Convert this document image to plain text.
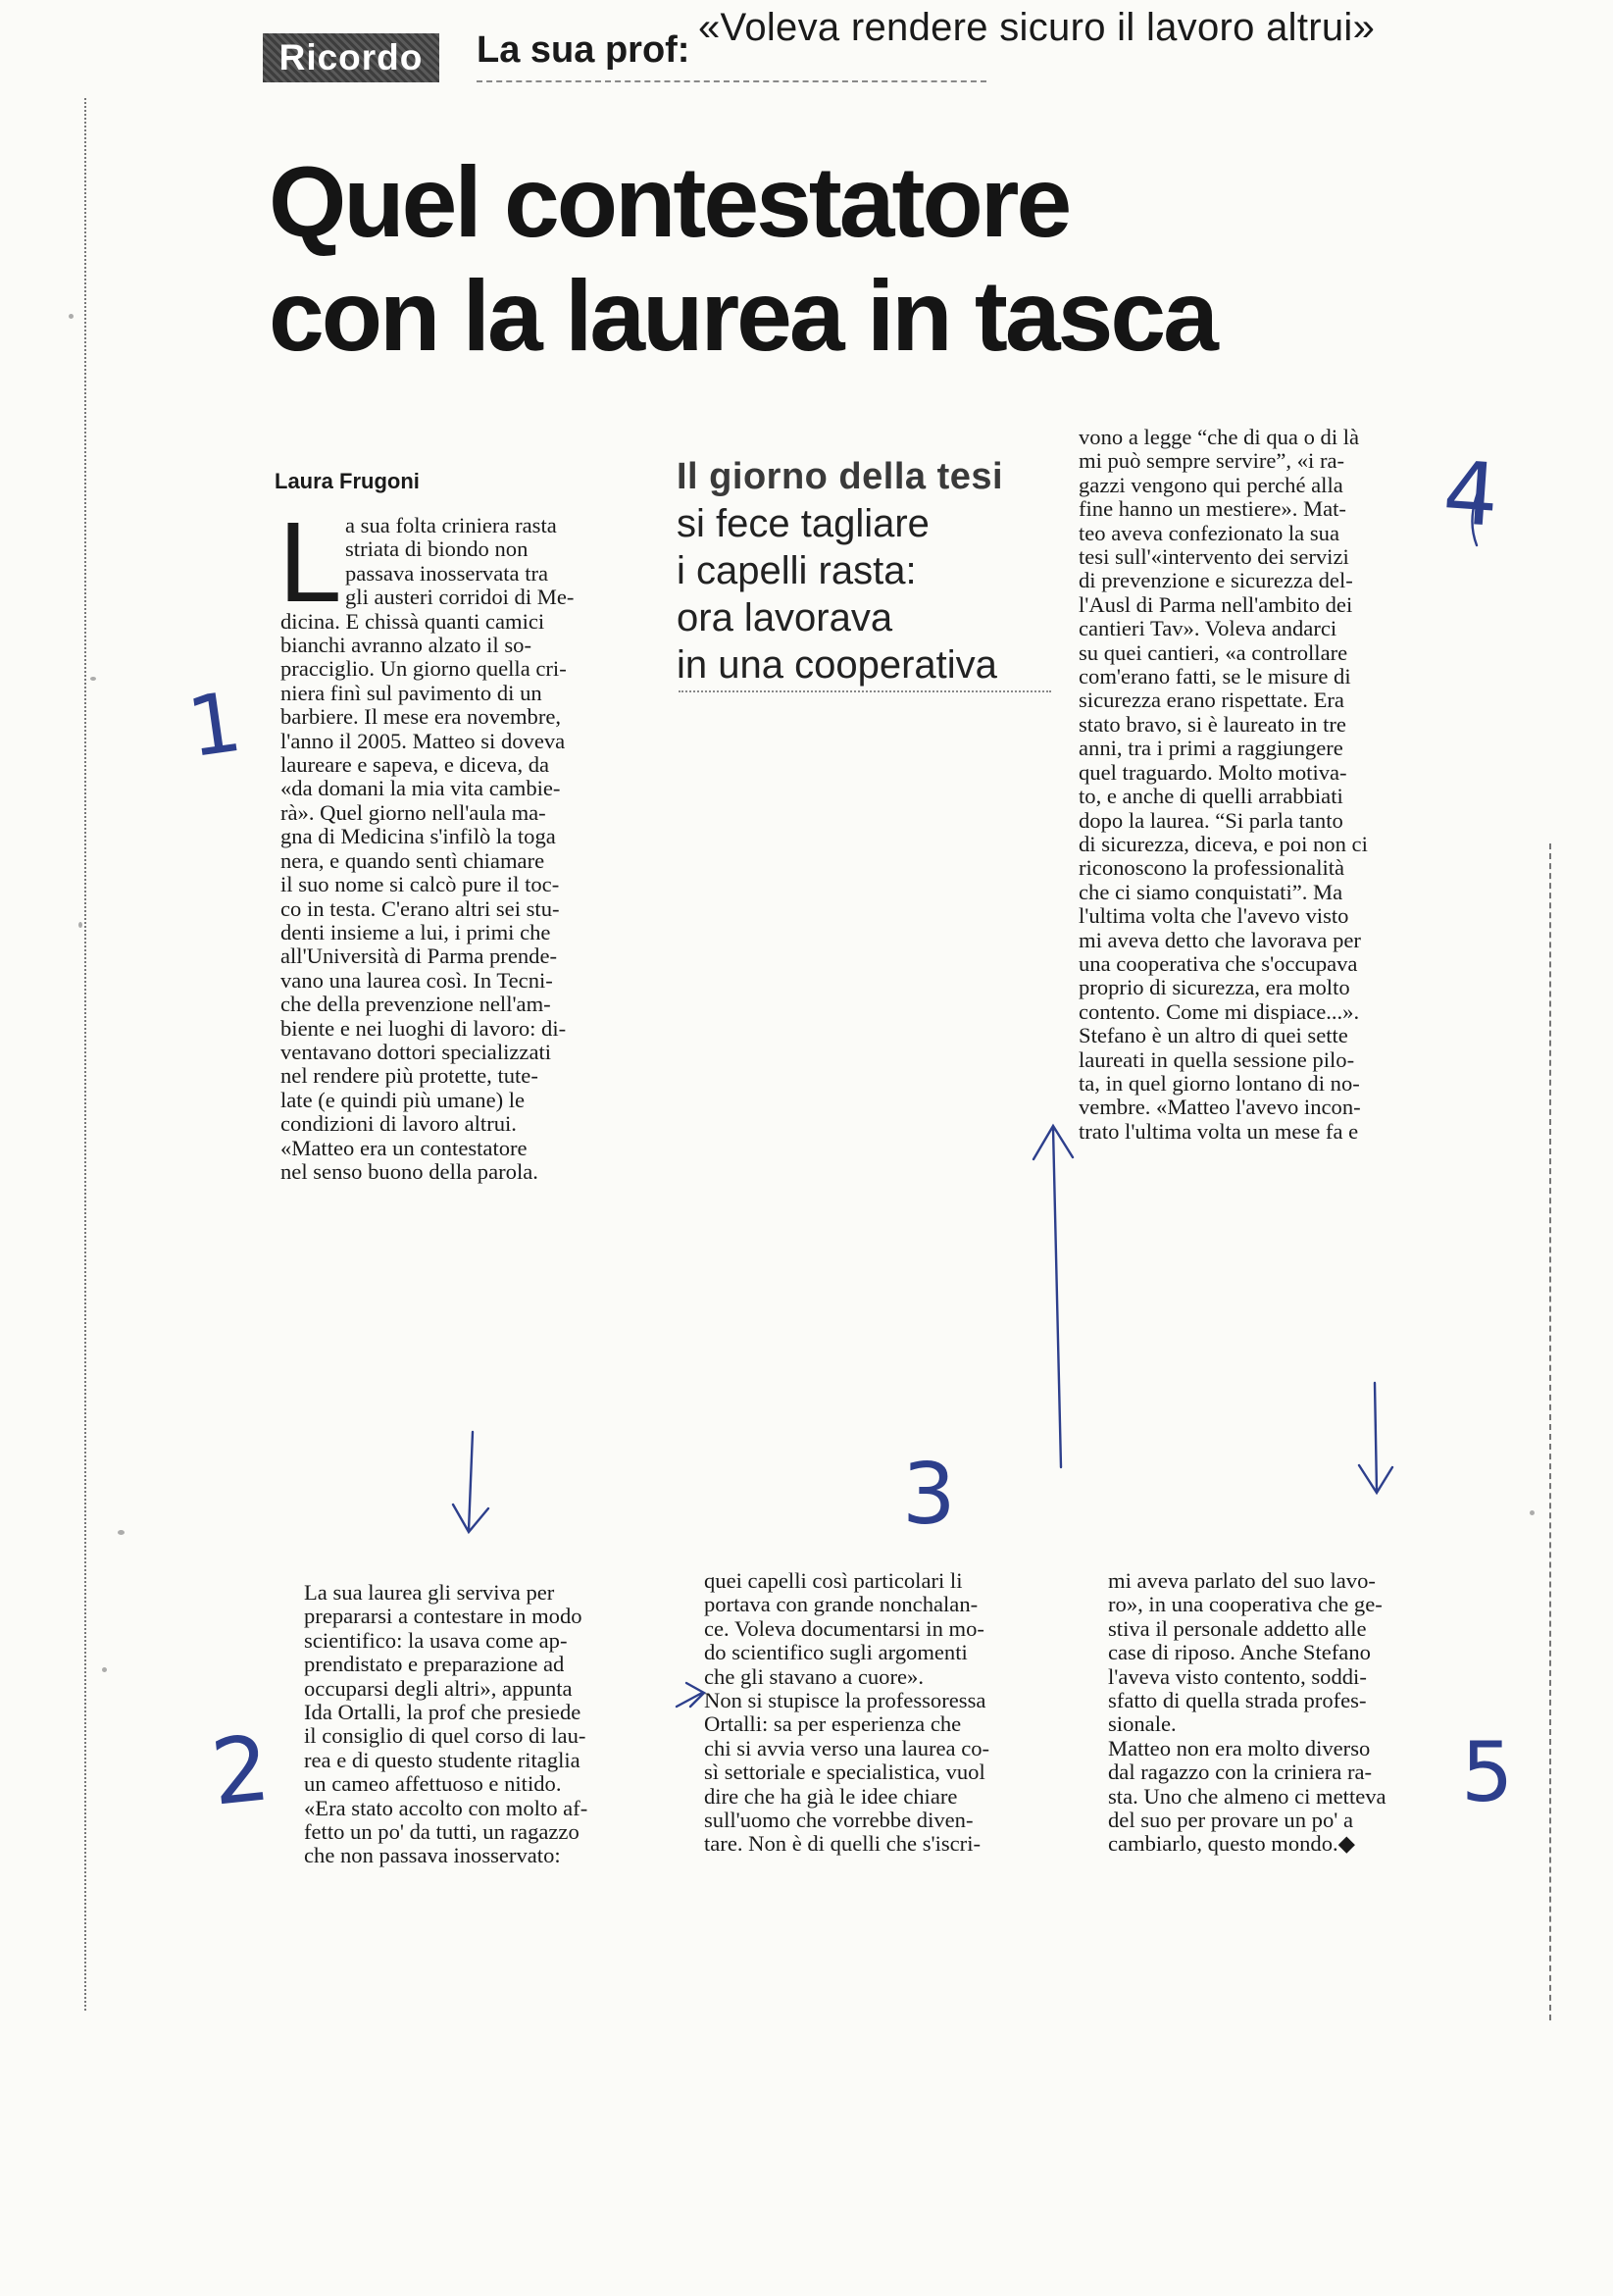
Ricordo	La sua prof:
«Voleva rendere sicuro il lavoro altrui»
Quel contestatore
con la laurea in tasca
Laura Frugoni
L
Il giorno della tesi
si fece tagliare
i capelli rasta:
ora lavorava
in una cooperativa
a sua folta criniera rasta
striata di biondo non
passava inosservata tra
gli austeri corridoi di Me-
dicina. E chissà quanti camici
bianchi avranno alzato il so-
pracciglio. Un giorno quella cri-
niera finì sul pavimento di un
barbiere. Il mese era novembre,
l'anno il 2005. Matteo si doveva
laureare e sapeva, e diceva, da
«da domani la mia vita cambie-
rà». Quel giorno nell'aula ma-
gna di Medicina s'infilò la toga
nera, e quando sentì chiamare
il suo nome si calcò pure il toc-
co in testa. C'erano altri sei stu-
denti insieme a lui, i primi che
all'Università di Parma prende-
vano una laurea così. In Tecni-
che della prevenzione nell'am-
biente e nei luoghi di lavoro: di-
ventavano dottori specializzati
nel rendere più protette, tute-
late (e quindi più umane) le
condizioni di lavoro altrui.
«Matteo era un contestatore
nel senso buono della parola.
vono a legge “che di qua o di là
mi può sempre servire”, «i ra-
gazzi vengono qui perché alla
fine hanno un mestiere». Mat-
teo aveva confezionato la sua
tesi sull'«intervento dei servizi
di prevenzione e sicurezza del-
l'Ausl di Parma nell'ambito dei
cantieri Tav». Voleva andarci
su quei cantieri, «a controllare
com'erano fatti, se le misure di
sicurezza erano rispettate. Era
stato bravo, si è laureato in tre
anni, tra i primi a raggiungere
quel traguardo. Molto motiva-
to, e anche di quelli arrabbiati
dopo la laurea. “Si parla tanto
di sicurezza, diceva, e poi non ci
riconoscono la professionalità
che ci siamo conquistati”. Ma
l'ultima volta che l'avevo visto
mi aveva detto che lavorava per
una cooperativa che s'occupava
proprio di sicurezza, era molto
contento. Come mi dispiace...».
Stefano è un altro di quei sette
laureati in quella sessione pilo-
ta, in quel giorno lontano di no-
vembre. «Matteo l'avevo incon-
trato l'ultima volta un mese fa e
La sua laurea gli serviva per
prepararsi a contestare in modo
scientifico: la usava come ap-
prendistato e preparazione ad
occuparsi degli altri», appunta
Ida Ortalli, la prof che presiede
il consiglio di quel corso di lau-
rea e di questo studente ritaglia
un cameo affettuoso e nitido.
«Era stato accolto con molto af-
fetto un po' da tutti, un ragazzo
che non passava inosservato:
quei capelli così particolari li
portava con grande nonchalan-
ce. Voleva documentarsi in mo-
do scientifico sugli argomenti
che gli stavano a cuore».
Non si stupisce la professoressa
Ortalli: sa per esperienza che
chi si avvia verso una laurea co-
sì settoriale e specialistica, vuol
dire che ha già le idee chiare
sull'uomo che vorrebbe diven-
tare. Non è di quelli che s'iscri-
mi aveva parlato del suo lavo-
ro», in una cooperativa che ge-
stiva il personale addetto alle
case di riposo. Anche Stefano
l'aveva visto contento, soddi-
sfatto di quella strada profes-
sionale.
Matteo non era molto diverso
dal ragazzo con la criniera ra-
sta. Uno che almeno ci metteva
del suo per provare un po' a
cambiarlo, questo mondo.◆
1
2
3
4
5
